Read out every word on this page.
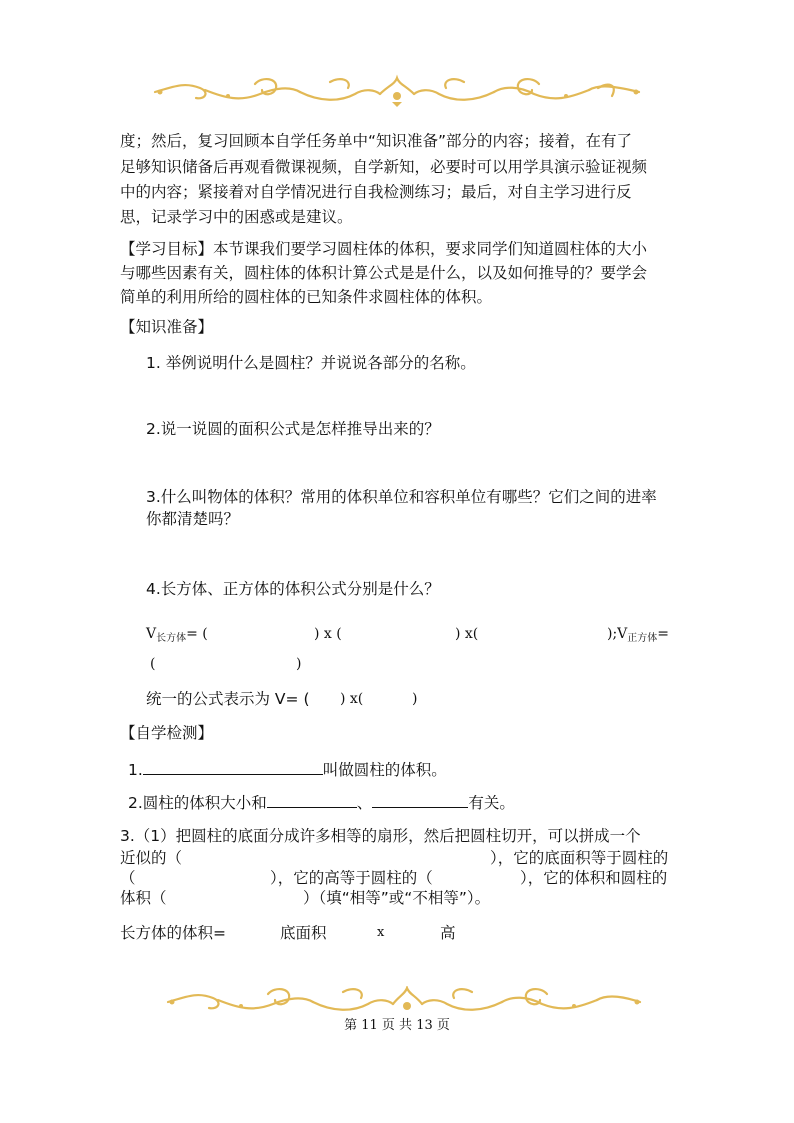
度；然后，复习回顾本自学任务单中“知识准备”部分的内容；接着，在有了
足够知识储备后再观看微课视频，自学新知，必要时可以用学具演示验证视频
中的内容；紧接着对自学情况进行自我检测练习；最后，对自主学习进行反
思，记录学习中的困惑或是建议。
【学习目标】本节课我们要学习圆柱体的体积，要求同学们知道圆柱体的大小
与哪些因素有关，圆柱体的体积计算公式是是什么，以及如何推导的？要学会
简单的利用所给的圆柱体的已知条件求圆柱体的体积。
【知识准备】
1. 举例说明什么是圆柱？并说说各部分的名称。
2.说一说圆的面积公式是怎样推导出来的？
3.什么叫物体的体积？常用的体积单位和容积单位有哪些？它们之间的进率
你都清楚吗？
4.长方体、正方体的体积公式分别是什么？
$V_{长方体}=$ (	) x (	) x(	)$;V_{正方体}=$
(	)
统一的公式表示为 V= ( ) x(	)
【自学检测】
1.	叫做圆柱的体积。
2.圆柱的体积大小和	、	有关。
3.（1）把圆柱的底面分成许多相等的扇形，然后把圆柱切开，可以拼成一个
近似的（	），它的底面积等于圆柱的
（	），它的高等于圆柱的（	），它的体积和圆柱的
体积（	）（填“相等”或“不相等”）。
长方体的体积=	底面积	x	高
第 11 页 共 13 页
